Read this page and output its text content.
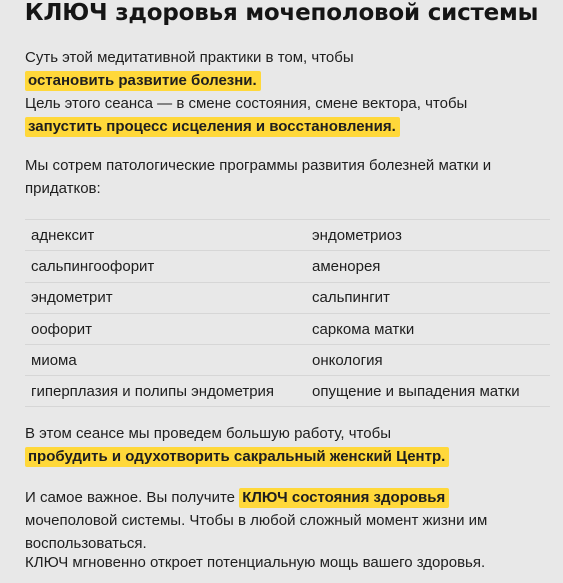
КЛЮЧ здоровья мочеполовой системы

Суть этой медитативной практики в том, чтобы
остановить развитие болезни.
Цель этого сеанса — в смене состояния, смене вектора, чтобы
запустить процесс исцеления и восстановления.

Мы сотрем патологические программы развития болезней матки и придатков:

аднексит	эндометриоз
сальпингоофорит	аменорея
эндометрит	сальпингит
оофорит	саркома матки
миома	онкология
гиперплазия и полипы эндометрия	опущение и выпадения матки

В этом сеансе мы проведем большую работу, чтобы
пробудить и одухотворить сакральный женский Центр.

И самое важное. Вы получите КЛЮЧ состояния здоровья мочеполовой системы. Чтобы в любой сложный момент жизни им воспользоваться.

КЛЮЧ мгновенно откроет потенциальную мощь вашего здоровья.
